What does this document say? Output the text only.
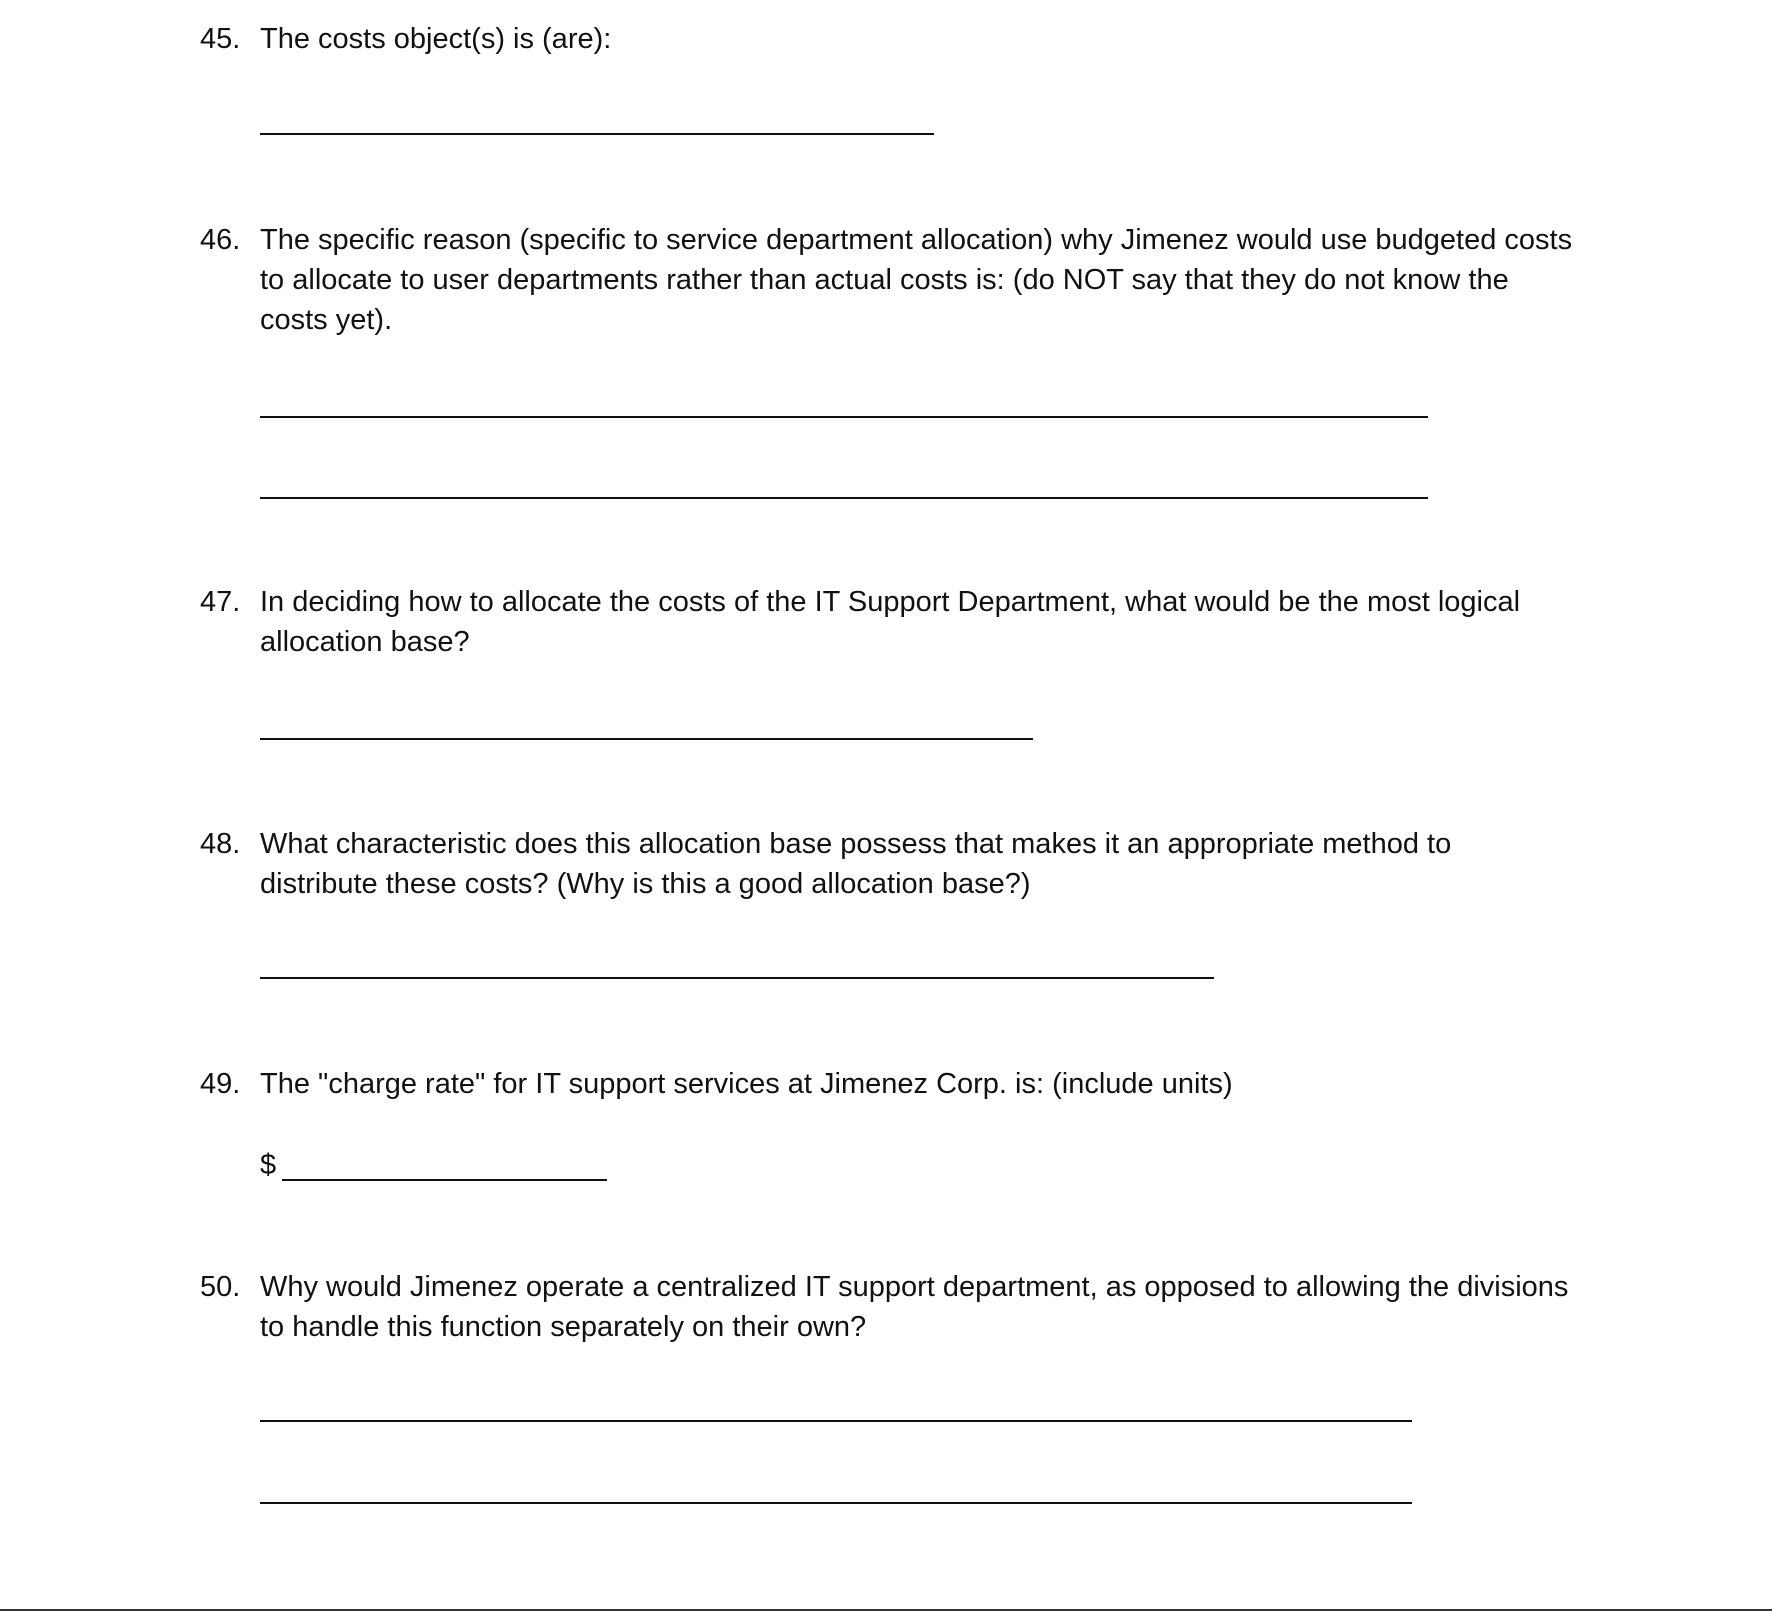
45. The costs object(s) is (are):
46. The specific reason (specific to service department allocation) why Jimenez would use budgeted costs
to allocate to user departments rather than actual costs is: (do NOT say that they do not know the
costs yet).
47. In deciding how to allocate the costs of the IT Support Department, what would be the most logical
allocation base?
48. What characteristic does this allocation base possess that makes it an appropriate method to
distribute these costs? (Why is this a good allocation base?)
49. The "charge rate" for IT support services at Jimenez Corp. is: (include units)
$
50. Why would Jimenez operate a centralized IT support department, as opposed to allowing the divisions
to handle this function separately on their own?
